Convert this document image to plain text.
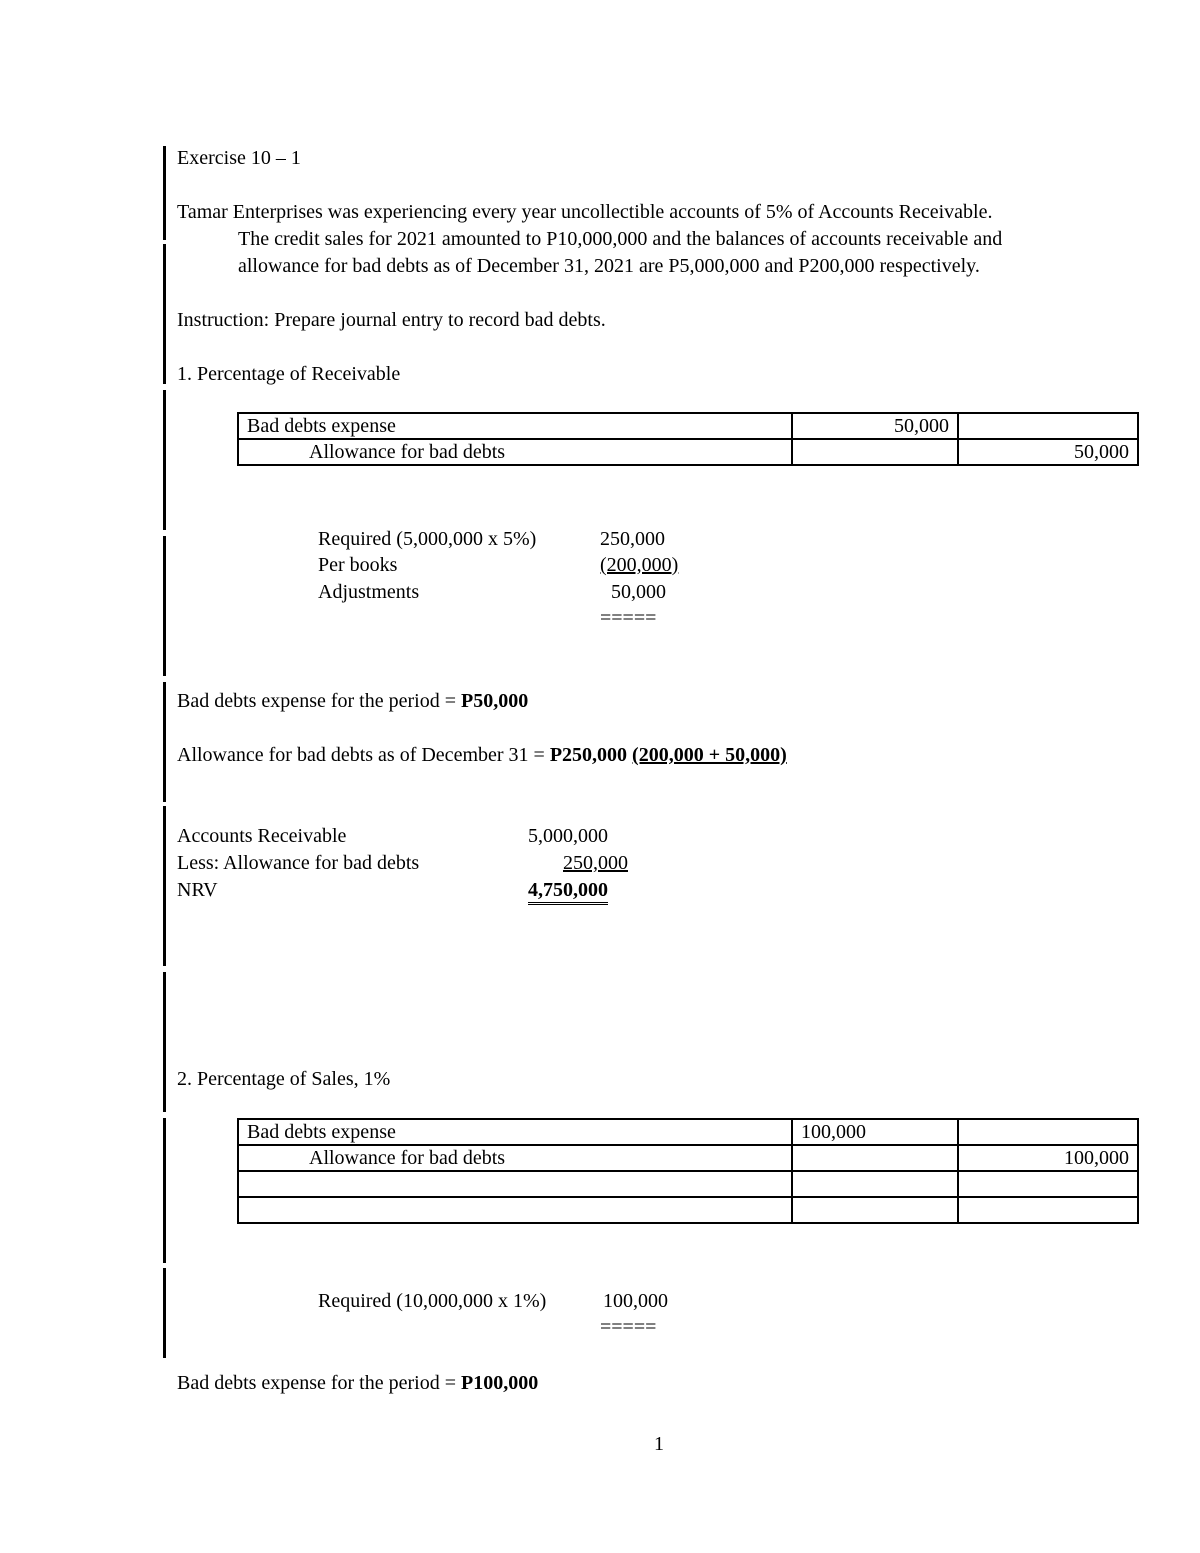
Exercise 10 – 1
Tamar Enterprises was experiencing every year uncollectible accounts of 5% of Accounts Receivable.
The credit sales for 2021 amounted to P10,000,000 and the balances of accounts receivable and
allowance for bad debts as of December 31, 2021 are P5,000,000 and P200,000 respectively.
Instruction: Prepare journal entry to record bad debts.
1. Percentage of Receivable
Bad debts expense	50,000	
Allowance for bad debts		50,000
Required (5,000,000 x 5%)	250,000
Per books	(200,000)
Adjustments	50,000
=====
Bad debts expense for the period = P50,000
Allowance for bad debts as of December 31 = P250,000 (200,000 + 50,000)
Accounts Receivable	5,000,000
Less: Allowance for bad debts	250,000
NRV	4,750,000
2. Percentage of Sales, 1%
Bad debts expense	100,000	
Allowance for bad debts		100,000

Required (10,000,000 x 1%)	100,000
=====
Bad debts expense for the period = P100,000
1
